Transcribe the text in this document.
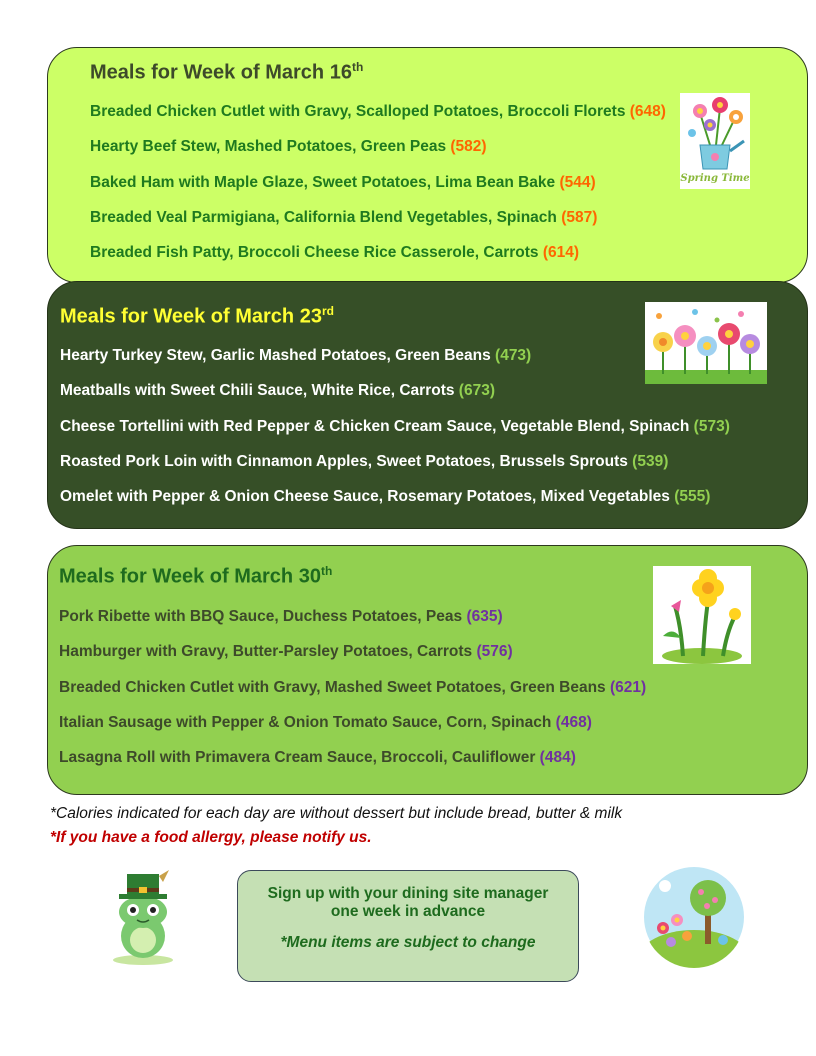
Meals for Week of March 16th
Breaded Chicken Cutlet with Gravy, Scalloped Potatoes, Broccoli Florets (648)
Hearty Beef Stew, Mashed Potatoes, Green Peas (582)
Baked Ham with Maple Glaze, Sweet Potatoes, Lima Bean Bake (544)
Breaded Veal Parmigiana, California Blend Vegetables, Spinach (587)
Breaded Fish Patty, Broccoli Cheese Rice Casserole, Carrots (614)
Spring Time
Meals for Week of March 23rd
Hearty Turkey Stew, Garlic Mashed Potatoes, Green Beans (473)
Meatballs with Sweet Chili Sauce, White Rice, Carrots (673)
Cheese Tortellini with Red Pepper & Chicken Cream Sauce, Vegetable Blend, Spinach (573)
Roasted Pork Loin with Cinnamon Apples, Sweet Potatoes, Brussels Sprouts (539)
Omelet with Pepper & Onion Cheese Sauce, Rosemary Potatoes, Mixed Vegetables (555)
Meals for Week of March 30th
Pork Ribette with BBQ Sauce, Duchess Potatoes, Peas (635)
Hamburger with Gravy, Butter-Parsley Potatoes, Carrots (576)
Breaded Chicken Cutlet with Gravy, Mashed Sweet Potatoes, Green Beans (621)
Italian Sausage with Pepper & Onion Tomato Sauce, Corn, Spinach (468)
Lasagna Roll with Primavera Cream Sauce, Broccoli, Cauliflower (484)
*Calories indicated for each day are without dessert but include bread, butter & milk
*If you have a food allergy, please notify us.

Sign up with your dining site manager

one week in advance

*Menu items are subject to change
